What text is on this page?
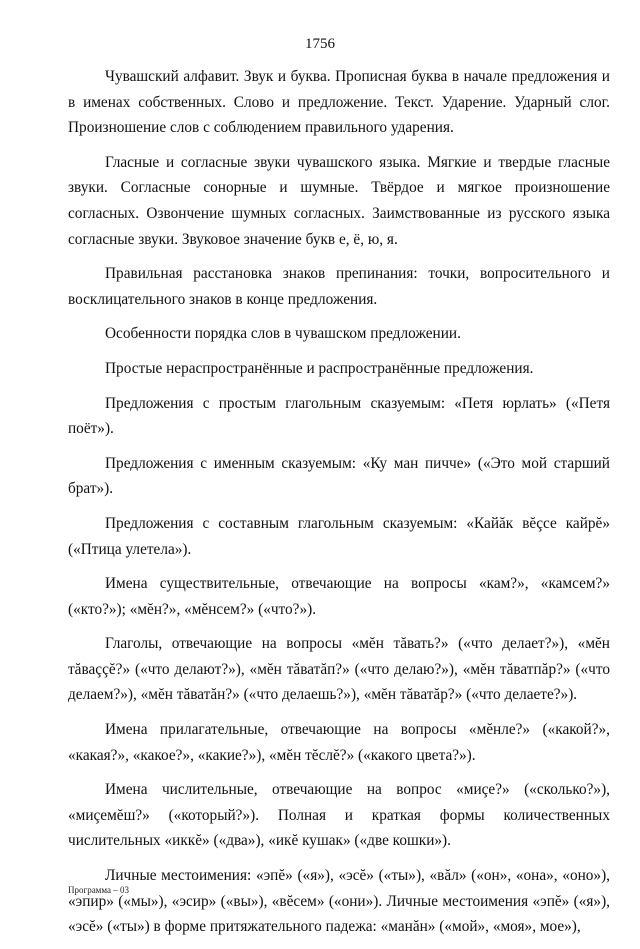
1756

Чувашский алфавит. Звук и буква. Прописная буква в начале предложения и в именах собственных. Слово и предложение. Текст. Ударение. Ударный слог. Произношение слов с соблюдением правильного ударения.

Гласные и согласные звуки чувашского языка. Мягкие и твердые гласные звуки. Согласные сонорные и шумные. Твёрдое и мягкое произношение согласных. Озвончение шумных согласных. Заимствованные из русского языка согласные звуки. Звуковое значение букв е, ё, ю, я.

Правильная расстановка знаков препинания: точки, вопросительного и восклицательного знаков в конце предложения.

Особенности порядка слов в чувашском предложении.

Простые нераспространённые и распространённые предложения.

Предложения с простым глагольным сказуемым: «Петя юрлать» («Петя поёт»).

Предложения с именным сказуемым: «Ку ман пичче» («Это мой старший брат»).

Предложения с составным глагольным сказуемым: «Кайăк вĕçсе кайрĕ» («Птица улетела»).

Имена существительные, отвечающие на вопросы «кам?», «камсем?» («кто?»); «мĕн?», «мĕнсем?» («что?»).

Глаголы, отвечающие на вопросы «мĕн тăвать?» («что делает?»), «мĕн тăваççĕ?» («что делают?»), «мĕн тăватăп?» («что делаю?»), «мĕн тăватпăр?» («что делаем?»), «мĕн тăватăн?» («что делаешь?»), «мĕн тăватăр?» («что делаете?»).

Имена прилагательные, отвечающие на вопросы «мĕнле?» («какой?», «какая?», «какое?», «какие?»), «мĕн тĕслĕ?» («какого цвета?»).

Имена числительные, отвечающие на вопрос «миçе?» («сколько?»), «миçемĕш?» («который?»). Полная и краткая формы количественных числительных «иккĕ» («два»), «икĕ кушак» («две кошки»).

Личные местоимения: «эпĕ» («я»), «эсĕ» («ты»), «вăл» («он», «она», «оно»), «эпир» («мы»), «эсир» («вы»), «вĕсем» («они»). Личные местоимения «эпĕ» («я»), «эсĕ» («ты») в форме притяжательного падежа: «манăн» («мой», «моя», мое»),

Программа – 03
